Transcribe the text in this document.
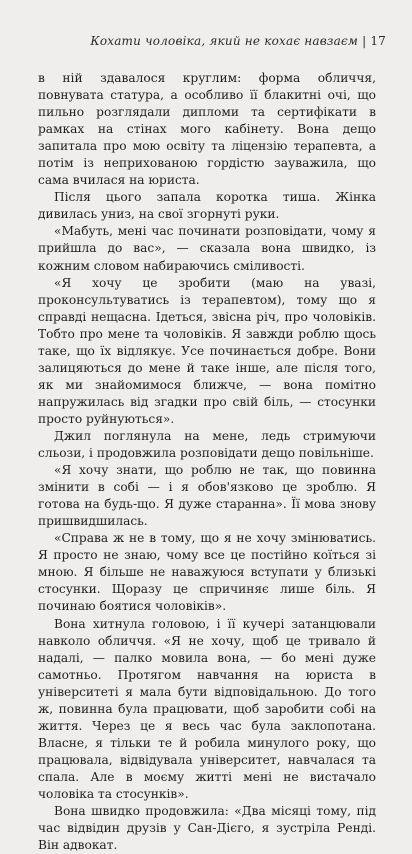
Кохати чоловіка, який не кохає навзаєм | 17

в ній здавалося круглим: форма обличчя, повнувата статура, а особливо її блакитні очі, що пильно розглядали дипломи та сертифікати в рамках на стінах мого кабінету. Вона дещо запитала про мою освіту та ліцензію терапевта, а потім із неприхованою гордістю зауважила, що сама вчилася на юриста.

Після цього запала коротка тиша. Жінка дивилась униз, на свої згорнуті руки.

«Мабуть, мені час починати розповідати, чому я прийшла до вас», — сказала вона швидко, із кожним словом набираючись сміливості.

«Я хочу це зробити (маю на увазі, проконсультуватись із терапевтом), тому що я справді нещасна. Ідеться, звісна річ, про чоловіків. Тобто про мене та чоловіків. Я завжди роблю щось таке, що їх відлякує. Усе починається добре. Вони залицяються до мене й таке інше, але після того, як ми знайомимося ближче, — вона помітно напружилась від згадки про свій біль, — стосунки просто руйнуються».

Джил поглянула на мене, ледь стримуючи сльози, і продовжила розповідати дещо повільніше.

«Я хочу знати, що роблю не так, що повинна змінити в собі — і я обов'язково це зроблю. Я готова на будь-що. Я дуже старанна». Її мова знову пришвидшилась.

«Справа ж не в тому, що я не хочу змінюватись. Я просто не знаю, чому все це постійно коїться зі мною. Я більше не наважуюся вступати у близькі стосунки. Щоразу це спричиняє лише біль. Я починаю боятися чоловіків».

Вона хитнула головою, і її кучері затанцювали навколо обличчя. «Я не хочу, щоб це тривало й надалі, — палко мовила вона, — бо мені дуже самотньо. Протягом навчання на юриста в університеті я мала бути відповідальною. До того ж, повинна була працювати, щоб заробити собі на життя. Через це я весь час була заклопотана. Власне, я тільки те й робила минулого року, що працювала, відвідувала університет, навчалася та спала. Але в моєму житті мені не вистачало чоловіка та стосунків».

Вона швидко продовжила: «Два місяці тому, під час відвідин друзів у Сан-Дієго, я зустріла Ренді. Він адвокат.
